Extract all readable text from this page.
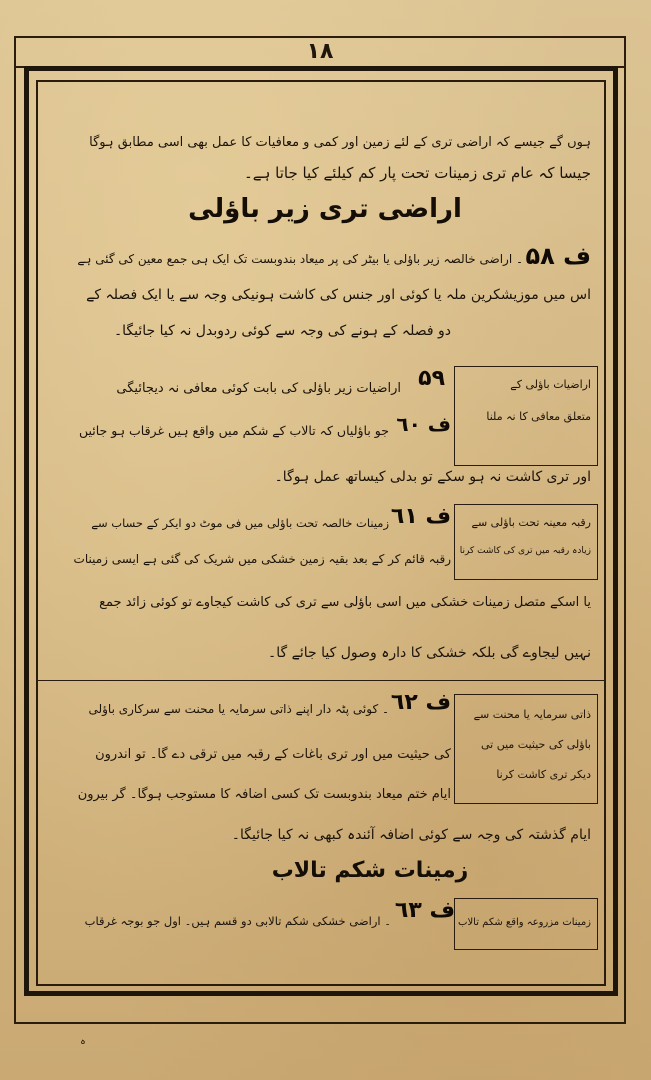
١٨
ہوں گے جیسے کہ اراضی تری کے لئے زمین اور کمی و معافیات کا عمل بھی اسی مطابق ہوگا
جیسا کہ عام تری زمینات تحت پار کم کیلئے کیا جاتا ہے۔
اراضی تری زیر باؤلی
ف ۵۸
۔ اراضی خالصہ زیر باؤلی یا بیٹر کی پر میعاد بندوبست تک ایک ہی جمع معین کی گئی ہے
اس میں موزیشکرین ملہ یا کوئی اور جنس کی کاشت ہونیکی وجہ سے یا ایک فصلہ کے
دو فصلہ کے ہونے کی وجہ سے کوئی ردوبدل نہ کیا جائیگا۔
اراضیات باؤلی کے
متعلق معافی کا نہ ملنا
۵۹
اراضیات زیر باؤلی کی بابت کوئی معافی نہ دیجائیگی
ف ٦٠
جو باؤلیاں کہ تالاب کے شکم میں واقع ہیں غرقاب ہو جائیں
اور تری کاشت نہ ہو سکے تو بدلی کیساتھ عمل ہوگا۔
رقبہ معینہ تحت باؤلی سے
زیادہ رقبہ میں تری کی کاشت کرنا
ف ٦١
زمینات خالصہ تحت باؤلی میں فی موٹ دو ایکر کے حساب سے
رقبہ قائم کر کے بعد بقیہ زمین خشکی میں شریک کی گئی ہے ایسی زمینات
یا اسکے متصل زمینات خشکی میں اسی باؤلی سے تری کی کاشت کیجاوے تو کوئی زائد جمع
نہیں لیجاوے گی بلکہ خشکی کا دارہ وصول کیا جائے گا۔
ذاتی سرمایہ یا محنت سے
باؤلی کی حیثیت میں تی
دیکر تری کاشت کرنا
ف ٦٢
۔ کوئی پٹہ دار اپنے ذاتی سرمایہ یا محنت سے سرکاری باؤلی
کی حیثیت میں اور تری باغات کے رقبہ میں ترقی دے گا۔ تو اندرون
ایام ختم میعاد بندوبست تک کسی اضافہ کا مستوجب ہوگا۔ گر بیرون
ایام گذشتہ کی وجہ سے کوئی اضافہ آئندہ کبھی نہ کیا جائیگا۔
زمینات شکم تالاب
زمینات مزروعہ واقع شکم تالاب
ف ٦٣
۔ اراضی خشکی شکم تالابی دو قسم ہیں۔ اول جو بوجہ غرقاب
ہ
